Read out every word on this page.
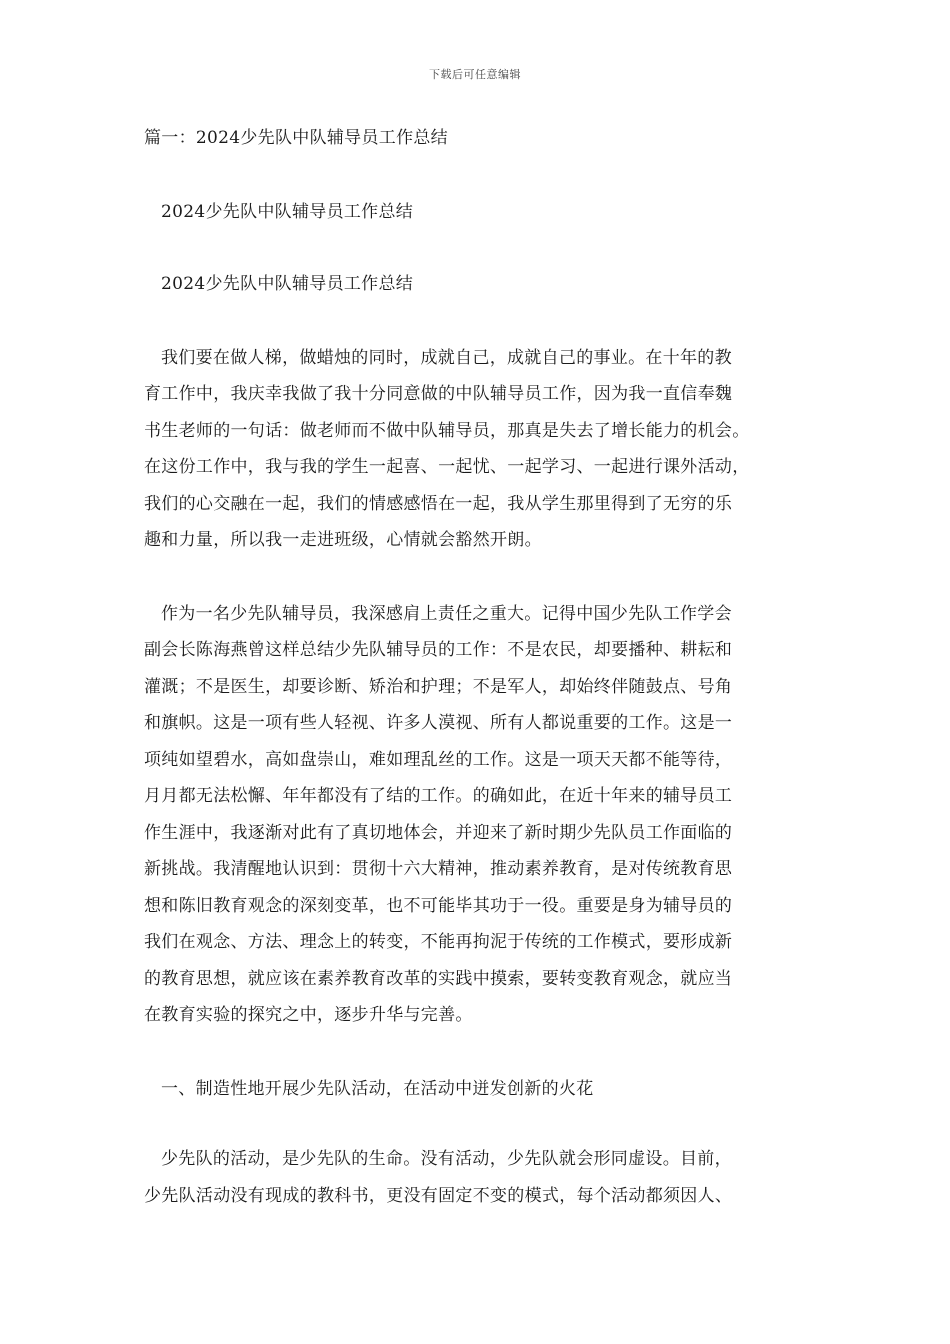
下载后可任意编辑
篇一：2024少先队中队辅导员工作总结
2024少先队中队辅导员工作总结
2024少先队中队辅导员工作总结
我们要在做人梯，做蜡烛的同时，成就自己，成就自己的事业。在十年的教
育工作中，我庆幸我做了我十分同意做的中队辅导员工作，因为我一直信奉魏
书生老师的一句话：做老师而不做中队辅导员，那真是失去了增长能力的机会。
在这份工作中，我与我的学生一起喜、一起忧、一起学习、一起进行课外活动，
我们的心交融在一起，我们的情感感悟在一起，我从学生那里得到了无穷的乐
趣和力量，所以我一走进班级，心情就会豁然开朗。
作为一名少先队辅导员，我深感肩上责任之重大。记得中国少先队工作学会
副会长陈海燕曾这样总结少先队辅导员的工作：不是农民，却要播种、耕耘和
灌溉；不是医生，却要诊断、矫治和护理；不是军人，却始终伴随鼓点、号角
和旗帜。这是一项有些人轻视、许多人漠视、所有人都说重要的工作。这是一
项纯如望碧水，高如盘崇山，难如理乱丝的工作。这是一项天天都不能等待，
月月都无法松懈、年年都没有了结的工作。的确如此，在近十年来的辅导员工
作生涯中，我逐渐对此有了真切地体会，并迎来了新时期少先队员工作面临的
新挑战。我清醒地认识到：贯彻十六大精神，推动素养教育，是对传统教育思
想和陈旧教育观念的深刻变革，也不可能毕其功于一役。重要是身为辅导员的
我们在观念、方法、理念上的转变，不能再拘泥于传统的工作模式，要形成新
的教育思想，就应该在素养教育改革的实践中摸索，要转变教育观念，就应当
在教育实验的探究之中，逐步升华与完善。
一、制造性地开展少先队活动，在活动中迸发创新的火花
少先队的活动，是少先队的生命。没有活动，少先队就会形同虚设。目前，
少先队活动没有现成的教科书，更没有固定不变的模式，每个活动都须因人、
